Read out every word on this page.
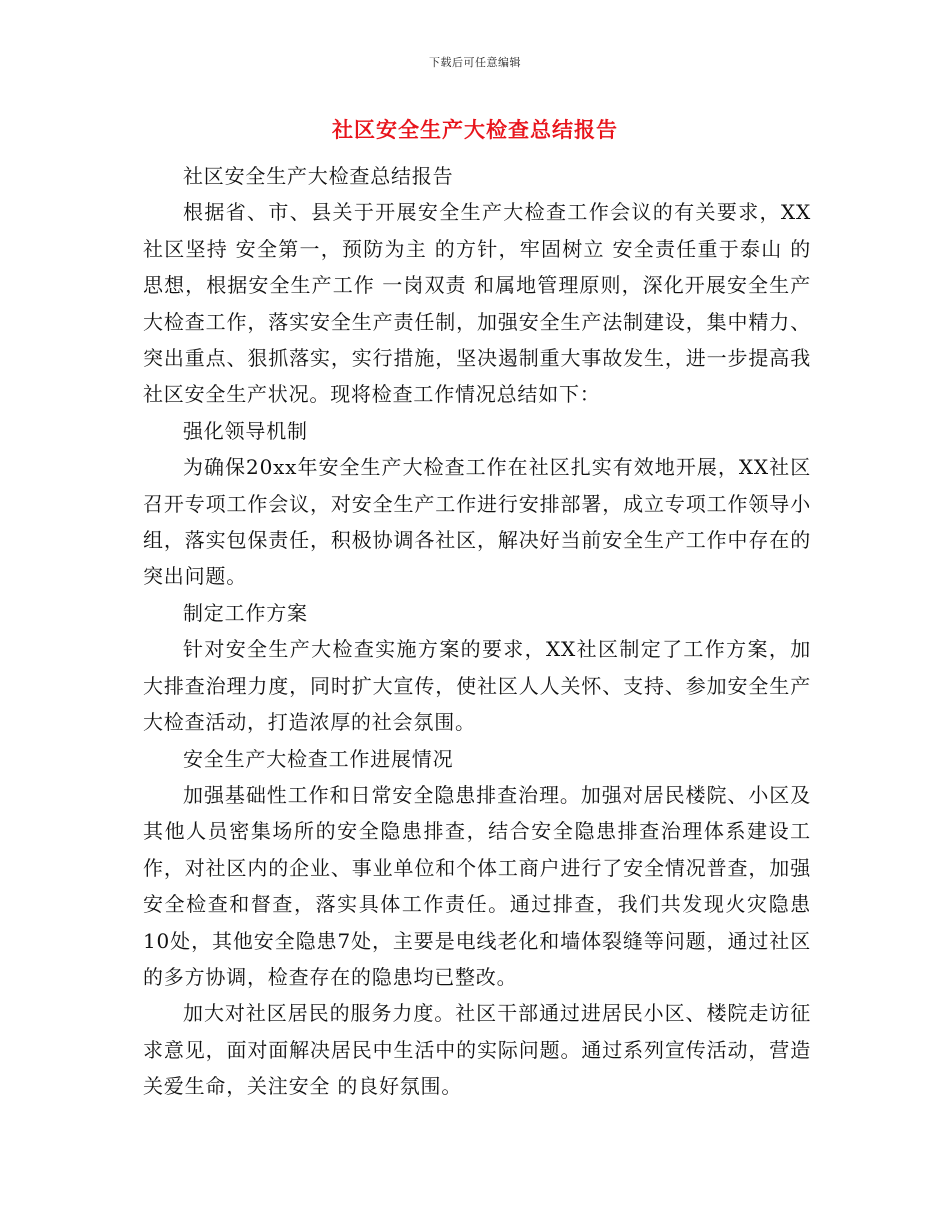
下载后可任意编辑
社区安全生产大检查总结报告

社区安全生产大检查总结报告

根据省、市、县关于开展安全生产大检查工作会议的有关要求，XX社区坚持 安全第一，预防为主 的方针，牢固树立 安全责任重于泰山 的思想，根据安全生产工作 一岗双责 和属地管理原则，深化开展安全生产大检查工作，落实安全生产责任制，加强安全生产法制建设，集中精力、突出重点、狠抓落实，实行措施，坚决遏制重大事故发生，进一步提高我社区安全生产状况。现将检查工作情况总结如下：

强化领导机制

为确保20xx年安全生产大检查工作在社区扎实有效地开展，XX社区召开专项工作会议，对安全生产工作进行安排部署，成立专项工作领导小组，落实包保责任，积极协调各社区，解决好当前安全生产工作中存在的突出问题。

制定工作方案

针对安全生产大检查实施方案的要求，XX社区制定了工作方案，加大排查治理力度，同时扩大宣传，使社区人人关怀、支持、参加安全生产大检查活动，打造浓厚的社会氛围。

安全生产大检查工作进展情况

加强基础性工作和日常安全隐患排查治理。加强对居民楼院、小区及其他人员密集场所的安全隐患排查，结合安全隐患排查治理体系建设工作，对社区内的企业、事业单位和个体工商户进行了安全情况普查，加强安全检查和督查，落实具体工作责任。通过排查，我们共发现火灾隐患10处，其他安全隐患7处，主要是电线老化和墙体裂缝等问题，通过社区的多方协调，检查存在的隐患均已整改。

加大对社区居民的服务力度。社区干部通过进居民小区、楼院走访征求意见，面对面解决居民中生活中的实际问题。通过系列宣传活动，营造 关爱生命，关注安全 的良好氛围。
